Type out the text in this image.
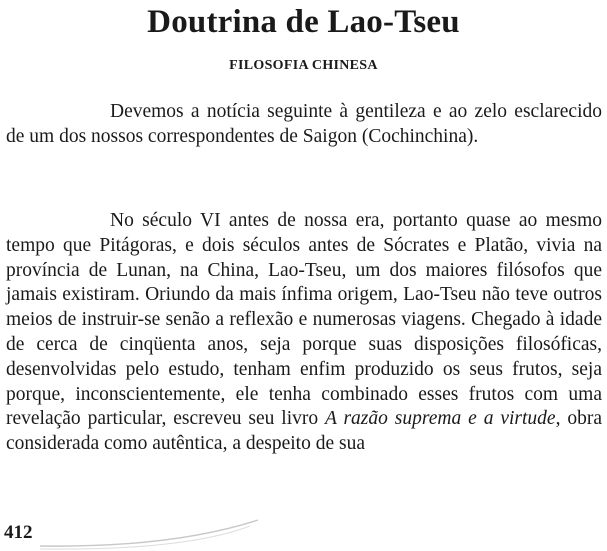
Doutrina de Lao-Tseu
FILOSOFIA CHINESA

Devemos a notícia seguinte à gentileza e ao zelo esclarecido de um dos nossos correspondentes de Saigon (Cochinchina).

No século VI antes de nossa era, portanto quase ao mesmo tempo que Pitágoras, e dois séculos antes de Sócrates e Platão, vivia na província de Lunan, na China, Lao-Tseu, um dos maiores filósofos que jamais existiram. Oriundo da mais ínfima origem, Lao-Tseu não teve outros meios de instruir-se senão a reflexão e numerosas viagens. Chegado à idade de cerca de cinqüenta anos, seja porque suas disposições filosóficas, desenvolvidas pelo estudo, tenham enfim produzido os seus frutos, seja porque, inconscientemente, ele tenha combinado esses frutos com uma revelação particular, escreveu seu livro A razão suprema e a virtude, obra considerada como autêntica, a despeito de sua

412
